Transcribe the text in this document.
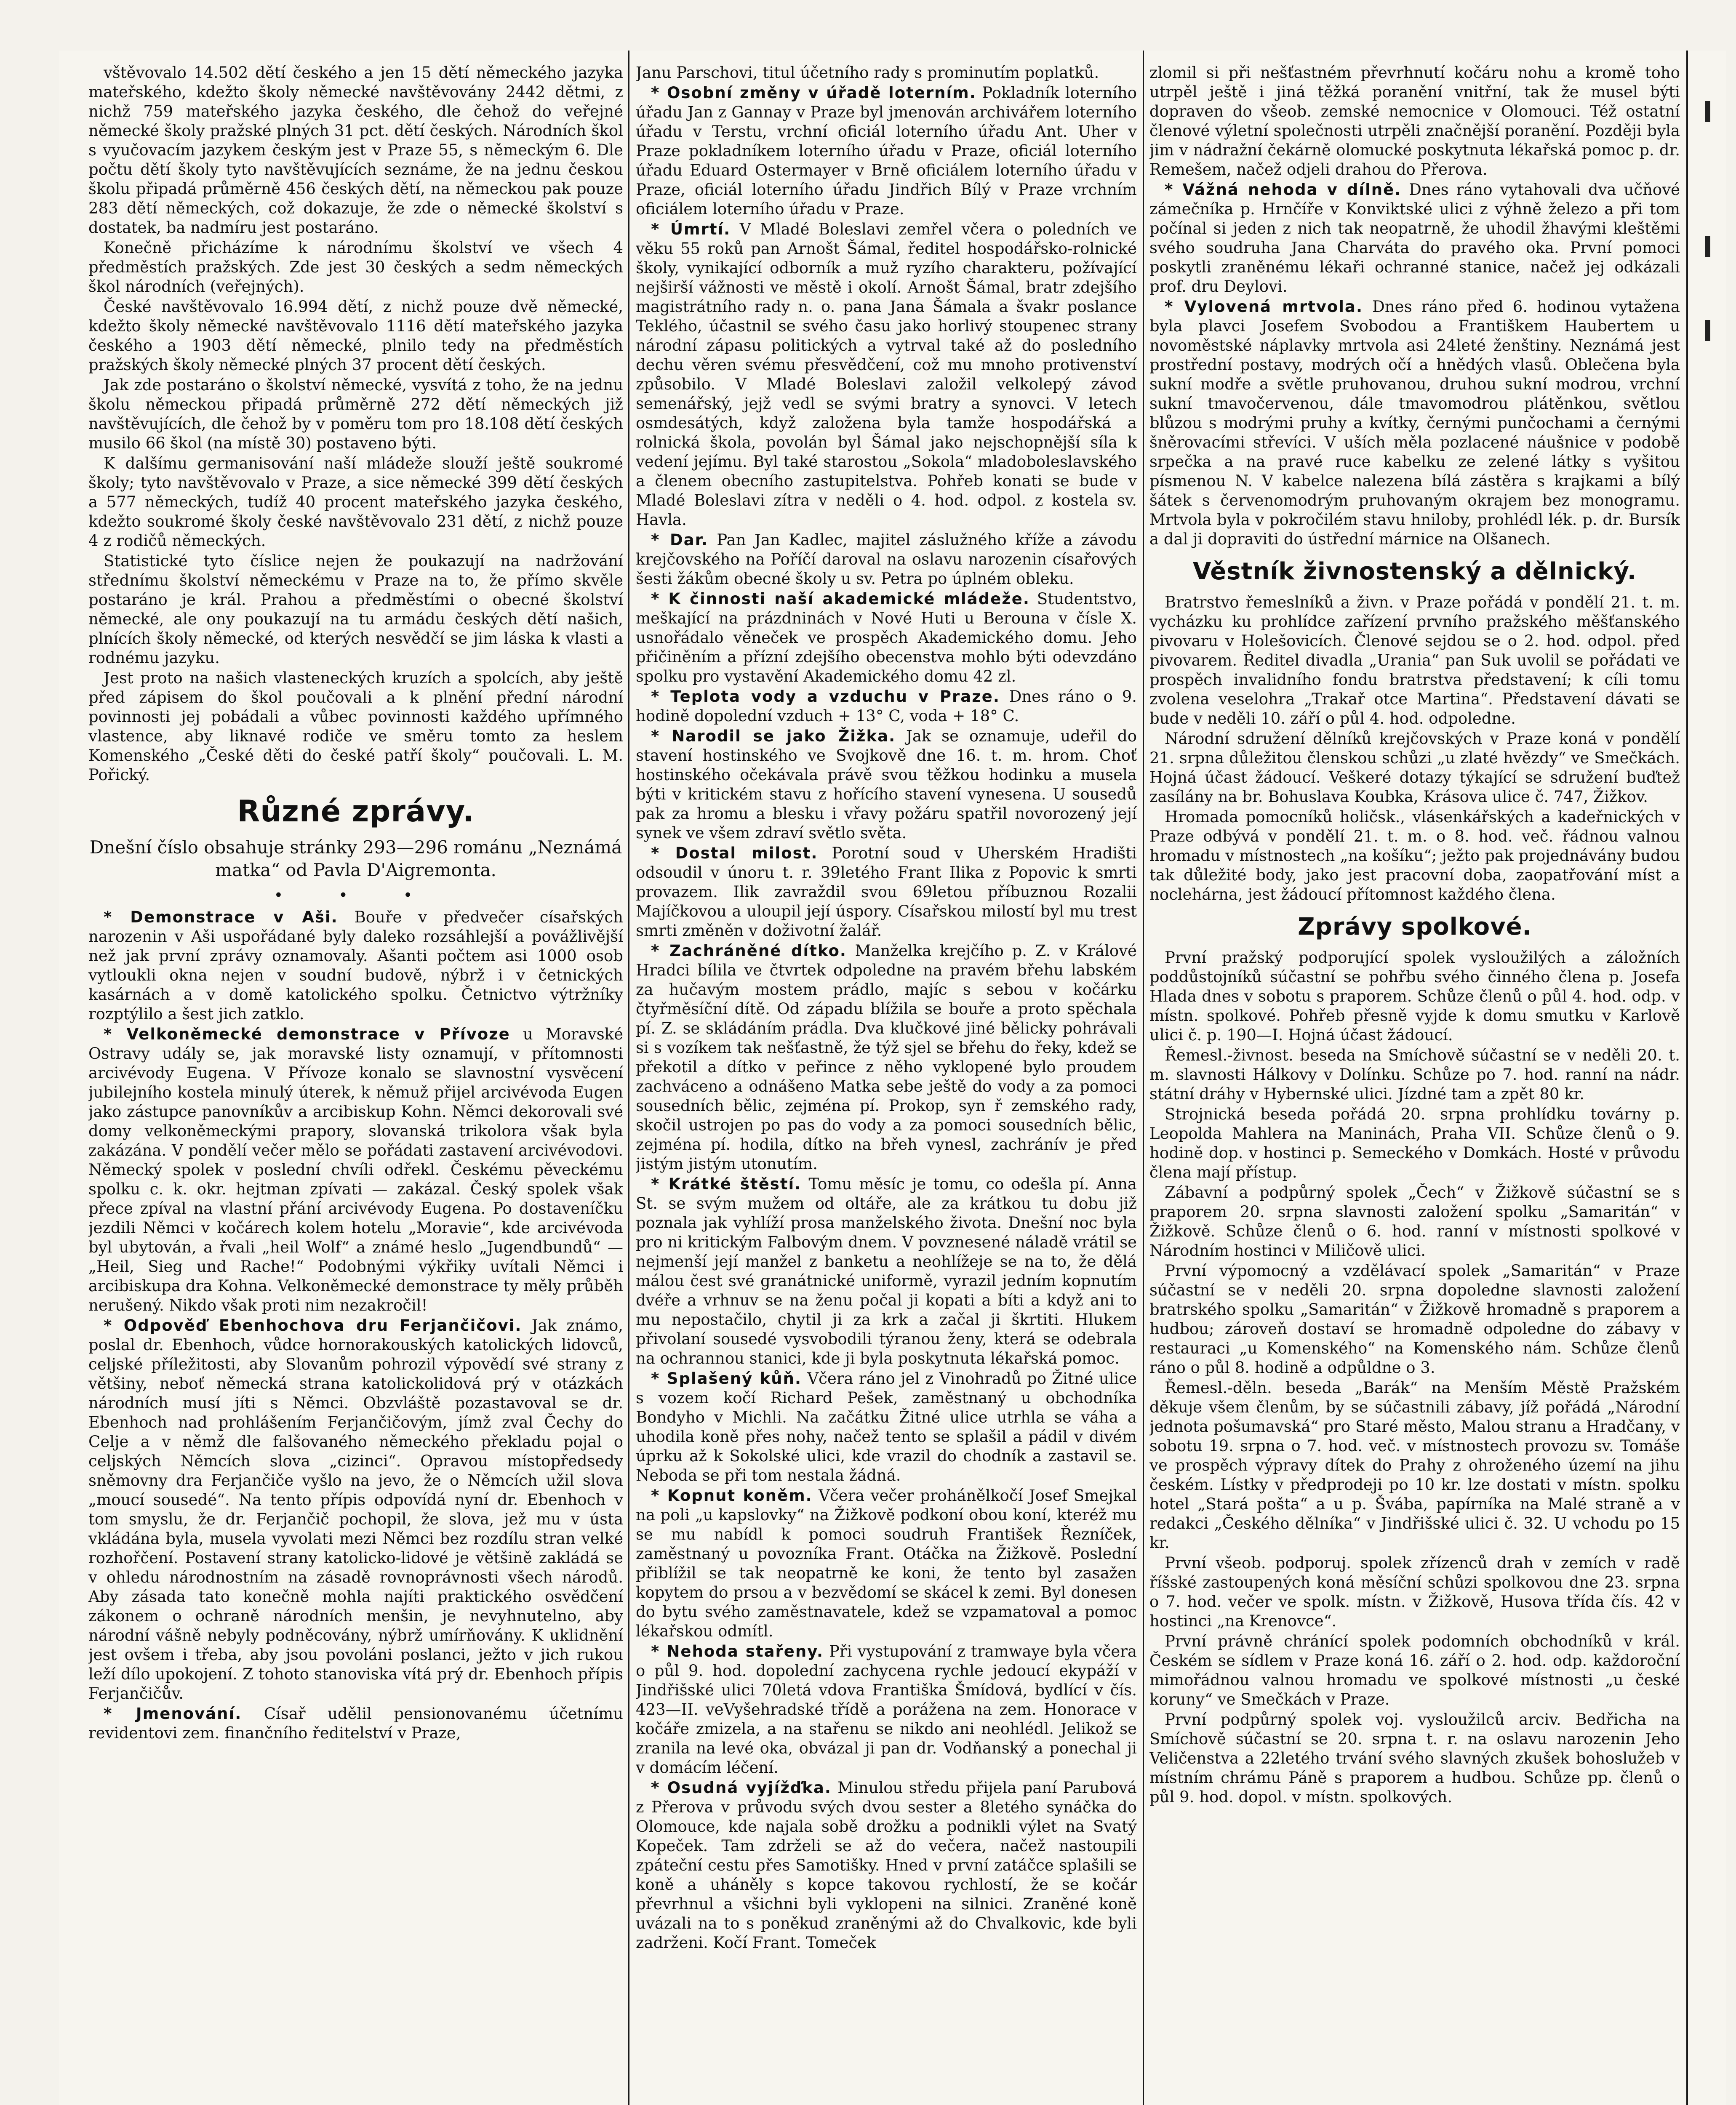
vštěvovalo 14.502 dětí českého a jen 15 dětí německého jazyka mateřského, kdežto školy německé navštěvovány 2442 dětmi, z nichž 759 mateřského jazyka českého, dle čehož do veřejné německé školy pražské plných 31 pct. dětí českých. Národních škol s vyučovacím jazykem českým jest v Praze 55, s německým 6. Dle počtu dětí školy tyto navštěvujících seznáme, že na jednu českou školu připadá průměrně 456 českých dětí, na německou pak pouze 283 dětí německých, což dokazuje, že zde o německé školství s dostatek, ba nadmíru jest postaráno.

Konečně přicházíme k národnímu školství ve všech 4 předměstích pražských. Zde jest 30 českých a sedm německých škol národních (veřejných).

České navštěvovalo 16.994 dětí, z nichž pouze dvě německé, kdežto školy německé navštěvovalo 1116 dětí mateřského jazyka českého a 1903 dětí německé, plnilo tedy na předměstích pražských školy německé plných 37 procent dětí českých.

Jak zde postaráno o školství německé, vysvítá z toho, že na jednu školu německou připadá průměrně 272 dětí německých již navštěvujících, dle čehož by v poměru tom pro 18.108 dětí českých musilo 66 škol (na místě 30) postaveno býti.

K dalšímu germanisování naší mládeže slouží ještě soukromé školy; tyto navštěvovalo v Praze, a sice německé 399 dětí českých a 577 německých, tudíž 40 procent mateřského jazyka českého, kdežto soukromé školy české navštěvovalo 231 dětí, z nichž pouze 4 z rodičů německých.

Statistické tyto číslice nejen že poukazují na nadržování střednímu školství německému v Praze na to, že přímo skvěle postaráno je král. Prahou a předměstími o obecné školství německé, ale ony poukazují na tu armádu českých dětí našich, plnících školy německé, od kterých nesvědčí se jim láska k vlasti a rodnému jazyku.

Jest proto na našich vlasteneckých kruzích a spolcích, aby ještě před zápisem do škol poučovali a k plnění přední národní povinnosti jej pobádali a vůbec povinnosti každého upřímného vlastence, aby liknavé rodiče ve směru tomto za heslem Komenského „České děti do české patří školy“ poučovali. L. M. Pořický.

Různé zprávy.
Dnešní číslo obsahuje stránky 293—296 románu „Neznámá matka“ od Pavla D'Aigremonta.
• • •

* Demonstrace v Aši. Bouře v předvečer císařských narozenin v Aši uspořádané byly daleko rozsáhlejší a povážlivější než jak první zprávy oznamovaly. Ašanti počtem asi 1000 osob vytloukli okna nejen v soudní budově, nýbrž i v četnických kasárnách a v domě katolického spolku. Četnictvo výtržníky rozptýlilo a šest jich zatklo.

* Velkoněmecké demonstrace v Přívoze u Moravské Ostravy udály se, jak moravské listy oznamují, v přítomnosti arcivévody Eugena. V Přívoze konalo se slavnostní vysvěcení jubilejního kostela minulý úterek, k němuž přijel arcivévoda Eugen jako zástupce panovníkův a arcibiskup Kohn. Němci dekorovali své domy velkoněmeckými prapory, slovanská trikolora však byla zakázána. V pondělí večer mělo se pořádati zastavení arcivévodovi. Německý spolek v poslední chvíli odřekl. Českému pěveckému spolku c. k. okr. hejtman zpívati — zakázal. Český spolek však přece zpíval na vlastní přání arcivévody Eugena. Po dostaveníčku jezdili Němci v kočárech kolem hotelu „Moravie“, kde arcivévoda byl ubytován, a řvali „heil Wolf“ a známé heslo „Jugendbundů“ — „Heil, Sieg und Rache!“ Podobnými výkřiky uvítali Němci i arcibiskupa dra Kohna. Velkoněmecké demonstrace ty měly průběh nerušený. Nikdo však proti nim nezakročil!

* Odpověď Ebenhochova dru Ferjančičovi. Jak známo, poslal dr. Ebenhoch, vůdce hornorakouských katolických lidovců, celjské příležitosti, aby Slovanům pohrozil výpovědí své strany z většiny, neboť německá strana katolickolidová prý v otázkách národních musí jíti s Němci. Obzvláště pozastavoval se dr. Ebenhoch nad prohlášením Ferjančičovým, jímž zval Čechy do Celje a v němž dle falšovaného německého překladu pojal o celjských Němcích slova „cizinci“. Opravou místopředsedy sněmovny dra Ferjančiče vyšlo na jevo, že o Němcích užil slova „moucí sousedé“. Na tento přípis odpovídá nyní dr. Ebenhoch v tom smyslu, že dr. Ferjančič pochopil, že slova, jež mu v ústa vkládána byla, musela vyvolati mezi Němci bez rozdílu stran velké rozhořčení. Postavení strany katolicko-lidové je většině zakládá se v ohledu národnostním na zásadě rovnoprávnosti všech národů. Aby zásada tato konečně mohla najíti praktického osvědčení zákonem o ochraně národních menšin, je nevyhnutelno, aby národní vášně nebyly podněcovány, nýbrž umírňovány. K uklidnění jest ovšem i třeba, aby jsou povoláni poslanci, ježto v jich rukou leží dílo upokojení. Z tohoto stanoviska vítá prý dr. Ebenhoch přípis Ferjančičův.

* Jmenování. Císař udělil pensionovanému účetnímu revidentovi zem. finančního ředitelství v Praze,

Janu Parschovi, titul účetního rady s prominutím poplatků.

* Osobní změny v úřadě loterním. Pokladník loterního úřadu Jan z Gannay v Praze byl jmenován archivářem loterního úřadu v Terstu, vrchní oficiál loterního úřadu Ant. Uher v Praze pokladníkem loterního úřadu v Praze, oficiál loterního úřadu Eduard Ostermayer v Brně oficiálem loterního úřadu v Praze, oficiál loterního úřadu Jindřich Bílý v Praze vrchním oficiálem loterního úřadu v Praze.

* Úmrtí. V Mladé Boleslavi zemřel včera o poledních ve věku 55 roků pan Arnošt Šámal, ředitel hospodářsko-rolnické školy, vynikající odborník a muž ryzího charakteru, požívající nejširší vážnosti ve městě i okolí. Arnošt Šámal, bratr zdejšího magistrátního rady n. o. pana Jana Šámala a švakr poslance Teklého, účastnil se svého času jako horlivý stoupenec strany národní zápasu politických a vytrval také až do posledního dechu věren svému přesvědčení, což mu mnoho protivenství způsobilo. V Mladé Boleslavi založil velkolepý závod semenářský, jejž vedl se svými bratry a synovci. V letech osmdesátých, když založena byla tamže hospodářská a rolnická škola, povolán byl Šámal jako nejschopnější síla k vedení jejímu. Byl také starostou „Sokola“ mladoboleslavského a členem obecního zastupitelstva. Pohřeb konati se bude v Mladé Boleslavi zítra v neděli o 4. hod. odpol. z kostela sv. Havla.

* Dar. Pan Jan Kadlec, majitel záslužného kříže a závodu krejčovského na Poříčí daroval na oslavu narozenin císařových šesti žákům obecné školy u sv. Petra po úplném obleku.

* K činnosti naší akademické mládeže. Studentstvo, meškající na prázdninách v Nové Huti u Berouna v čísle X. usnořádalo věneček ve prospěch Akademického domu. Jeho přičiněním a přízní zdejšího obecenstva mohlo býti odevzdáno spolku pro vystavění Akademického domu 42 zl.

* Teplota vody a vzduchu v Praze. Dnes ráno o 9. hodině dopolední vzduch + 13° C, voda + 18° C.

* Narodil se jako Žižka. Jak se oznamuje, udeřil do stavení hostinského ve Svojkově dne 16. t. m. hrom. Choť hostinského očekávala právě svou těžkou hodinku a musela býti v kritickém stavu z hořícího stavení vynesena. U sousedů pak za hromu a blesku i vřavy požáru spatřil novorozený její synek ve všem zdraví světlo světa.

* Dostal milost. Porotní soud v Uherském Hradišti odsoudil v únoru t. r. 39letého Frant Ilika z Popovic k smrti provazem. Ilik zavraždil svou 69letou příbuznou Rozalii Majíčkovou a uloupil její úspory. Císařskou milostí byl mu trest smrti změněn v doživotní žalář.

* Zachráněné dítko. Manželka krejčího p. Z. v Králové Hradci bílila ve čtvrtek odpoledne na pravém břehu labském za hučavým mostem prádlo, majíc s sebou v kočárku čtyřměsíční dítě. Od západu blížila se bouře a proto spěchala pí. Z. se skládáním prádla. Dva klučkové jiné bělicky pohrávali si s vozíkem tak nešťastně, že týž sjel se břehu do řeky, kdež se překotil a dítko v peřince z něho vyklopené bylo proudem zachváceno a odnášeno Matka sebe ještě do vody a za pomoci sousedních bělic, zejména pí. Prokop, syn ř zemského rady, skočil ustrojen po pas do vody a za pomoci sousedních bělic, zejména pí. hodila, dítko na břeh vynesl, zachránív je před jistým jistým utonutím.

* Krátké štěstí. Tomu měsíc je tomu, co odešla pí. Anna St. se svým mužem od oltáře, ale za krátkou tu dobu již poznala jak vyhlíží prosa manželského života. Dnešní noc byla pro ni kritickým Falbovým dnem. V povznesené náladě vrátil se nejmenší její manžel z banketu a neohlížeje se na to, že dělá málou čest své granátnické uniformě, vyrazil jedním kopnutím dvéře a vrhnuv se na ženu počal ji kopati a bíti a když ani to mu nepostačilo, chytil ji za krk a začal ji škrtiti. Hlukem přivolaní sousedé vysvobodili týranou ženy, která se odebrala na ochrannou stanici, kde ji byla poskytnuta lékařská pomoc.

* Splašený kůň. Včera ráno jel z Vinohradů po Žitné ulice s vozem kočí Richard Pešek, zaměstnaný u obchodníka Bondyho v Michli. Na začátku Žitné ulice utrhla se váha a uhodila koně přes nohy, načež tento se splašil a pádil v divém úprku až k Sokolské ulici, kde vrazil do chodník a zastavil se. Neboda se při tom nestala žádná.

* Kopnut koněm. Včera večer prohánělkočí Josef Smejkal na poli „u kapslovky“ na Žižkově podkoní obou koní, kteréž mu se mu nabídl k pomoci soudruh František Řezníček, zaměstnaný u povozníka Frant. Otáčka na Žižkově. Poslední přiblížil se tak neopatrně ke koni, že tento byl zasažen kopytem do prsou a v bezvědomí se skácel k zemi. Byl donesen do bytu svého zaměstnavatele, kdež se vzpamatoval a pomoc lékařskou odmítl.

* Nehoda stařeny. Při vystupování z tramwaye byla včera o půl 9. hod. dopolední zachycena rychle jedoucí ekypáží v Jindřišské ulici 70letá vdova Františka Šmídová, bydlící v čís. 423—II. veVyšehradské třídě a porážena na zem. Honorace v kočáře zmizela, a na stařenu se nikdo ani neohlédl. Jelikož se zranila na levé oka, obvázal ji pan dr. Vodňanský a ponechal ji v domácím léčení.

* Osudná vyjížďka. Minulou středu přijela paní Parubová z Přerova v průvodu svých dvou sester a 8letého synáčka do Olomouce, kde najala sobě drožku a podnikli výlet na Svatý Kopeček. Tam zdrželi se až do večera, načež nastoupili zpáteční cestu přes Samotišky. Hned v první zatáčce splašili se koně a uháněly s kopce takovou rychlostí, že se kočár převrhnul a všichni byli vyklopeni na silnici. Zraněné koně uvázali na to s poněkud zraněnými až do Chvalkovic, kde byli zadrženi. Kočí Frant. Tomeček

zlomil si při nešťastném převrhnutí kočáru nohu a kromě toho utrpěl ještě i jiná těžká poranění vnitřní, tak že musel býti dopraven do všeob. zemské nemocnice v Olomouci. Též ostatní členové výletní společnosti utrpěli značnější poranění. Později byla jim v nádražní čekárně olomucké poskytnuta lékařská pomoc p. dr. Remešem, načež odjeli drahou do Přerova.

* Vážná nehoda v dílně. Dnes ráno vytahovali dva učňové zámečníka p. Hrnčíře v Konviktské ulici z výhně železo a při tom počínal si jeden z nich tak neopatrně, že uhodil žhavými kleštěmi svého soudruha Jana Charváta do pravého oka. První pomoci poskytli zraněnému lékaři ochranné stanice, načež jej odkázali prof. dru Deylovi.

* Vylovená mrtvola. Dnes ráno před 6. hodinou vytažena byla plavci Josefem Svobodou a Františkem Haubertem u novoměstské náplavky mrtvola asi 24leté ženštiny. Neznámá jest prostřední postavy, modrých očí a hnědých vlasů. Oblečena byla sukní modře a světle pruhovanou, druhou sukní modrou, vrchní sukní tmavočervenou, dále tmavomodrou plátěnkou, světlou blůzou s modrými pruhy a kvítky, černými punčochami a černými šněrovacími střevíci. V uších měla pozlacené náušnice v podobě srpečka a na pravé ruce kabelku ze zelené látky s vyšitou písmenou N. V kabelce nalezena bílá zástěra s krajkami a bílý šátek s červenomodrým pruhovaným okrajem bez monogramu. Mrtvola byla v pokročilém stavu hniloby, prohlédl lék. p. dr. Bursík a dal ji dopraviti do ústřední márnice na Olšanech.

Věstník živnostenský a dělnický.

Bratrstvo řemeslníků a živn. v Praze pořádá v pondělí 21. t. m. vycházku ku prohlídce zařízení prvního pražského měšťanského pivovaru v Holešovicích. Členové sejdou se o 2. hod. odpol. před pivovarem. Ředitel divadla „Urania“ pan Suk uvolil se pořádati ve prospěch invalidního fondu bratrstva představení; k cíli tomu zvolena veselohra „Trakař otce Martina“. Představení dávati se bude v neděli 10. září o půl 4. hod. odpoledne.

Národní sdružení dělníků krejčovských v Praze koná v pondělí 21. srpna důležitou členskou schůzi „u zlaté hvězdy“ ve Smečkách. Hojná účast žádoucí. Veškeré dotazy týkající se sdružení buďtež zasílány na br. Bohuslava Koubka, Krásova ulice č. 747, Žižkov.

Hromada pomocníků holičsk., vlásenkářských a kadeřnických v Praze odbývá v pondělí 21. t. m. o 8. hod. več. řádnou valnou hromadu v místnostech „na košíku“; ježto pak projednávány budou tak důležité body, jako jest pracovní doba, zaopatřování míst a noclehárna, jest žádoucí přítomnost každého člena.

Zprávy spolkové.

První pražský podporující spolek vysloužilých a záložních poddůstojníků súčastní se pohřbu svého činného člena p. Josefa Hlada dnes v sobotu s praporem. Schůze členů o půl 4. hod. odp. v místn. spolkové. Pohřeb přesně vyjde k domu smutku v Karlově ulici č. p. 190—I. Hojná účast žádoucí.

Řemesl.-živnost. beseda na Smíchově súčastní se v neděli 20. t. m. slavnosti Hálkovy v Dolínku. Schůze po 7. hod. ranní na nádr. státní dráhy v Hybernské ulici. Jízdné tam a zpět 80 kr.

Strojnická beseda pořádá 20. srpna prohlídku továrny p. Leopolda Mahlera na Maninách, Praha VII. Schůze členů o 9. hodině dop. v hostinci p. Semeckého v Domkách. Hosté v průvodu člena mají přístup.

Zábavní a podpůrný spolek „Čech“ v Žižkově súčastní se s praporem 20. srpna slavnosti založení spolku „Samaritán“ v Žižkově. Schůze členů o 6. hod. ranní v místnosti spolkové v Národním hostinci v Miličově ulici.

První výpomocný a vzdělávací spolek „Samaritán“ v Praze súčastní se v neděli 20. srpna dopoledne slavnosti založení bratrského spolku „Samaritán“ v Žižkově hromadně s praporem a hudbou; zároveň dostaví se hromadně odpoledne do zábavy v restauraci „u Komenského“ na Komenského nám. Schůze členů ráno o půl 8. hodině a odpůldne o 3.

Řemesl.-děln. beseda „Barák“ na Menším Městě Pražském děkuje všem členům, by se súčastnili zábavy, jíž pořádá „Národní jednota pošumavská“ pro Staré město, Malou stranu a Hradčany, v sobotu 19. srpna o 7. hod. več. v místnostech provozu sv. Tomáše ve prospěch výpravy dítek do Prahy z ohroženého území na jihu českém. Lístky v předprodeji po 10 kr. lze dostati v místn. spolku hotel „Stará pošta“ a u p. Švába, papírníka na Malé straně a v redakci „Českého dělníka“ v Jindřišské ulici č. 32. U vchodu po 15 kr.

První všeob. podporuj. spolek zřízenců drah v zemích v radě říšské zastoupených koná měsíční schůzi spolkovou dne 23. srpna o 7. hod. večer ve spolk. místn. v Žižkově, Husova třída čís. 42 v hostinci „na Krenovce“.

První právně chránící spolek podomních obchodníků v král. Českém se sídlem v Praze koná 16. září o 2. hod. odp. každoroční mimořádnou valnou hromadu ve spolkové místnosti „u české koruny“ ve Smečkách v Praze.

První podpůrný spolek voj. vysloužilců arciv. Bedřicha na Smíchově súčastní se 20. srpna t. r. na oslavu narozenin Jeho Veličenstva a 22letého trvání svého slavných zkušek bohoslužeb v místním chrámu Páně s praporem a hudbou. Schůze pp. členů o půl 9. hod. dopol. v místn. spolkových.
